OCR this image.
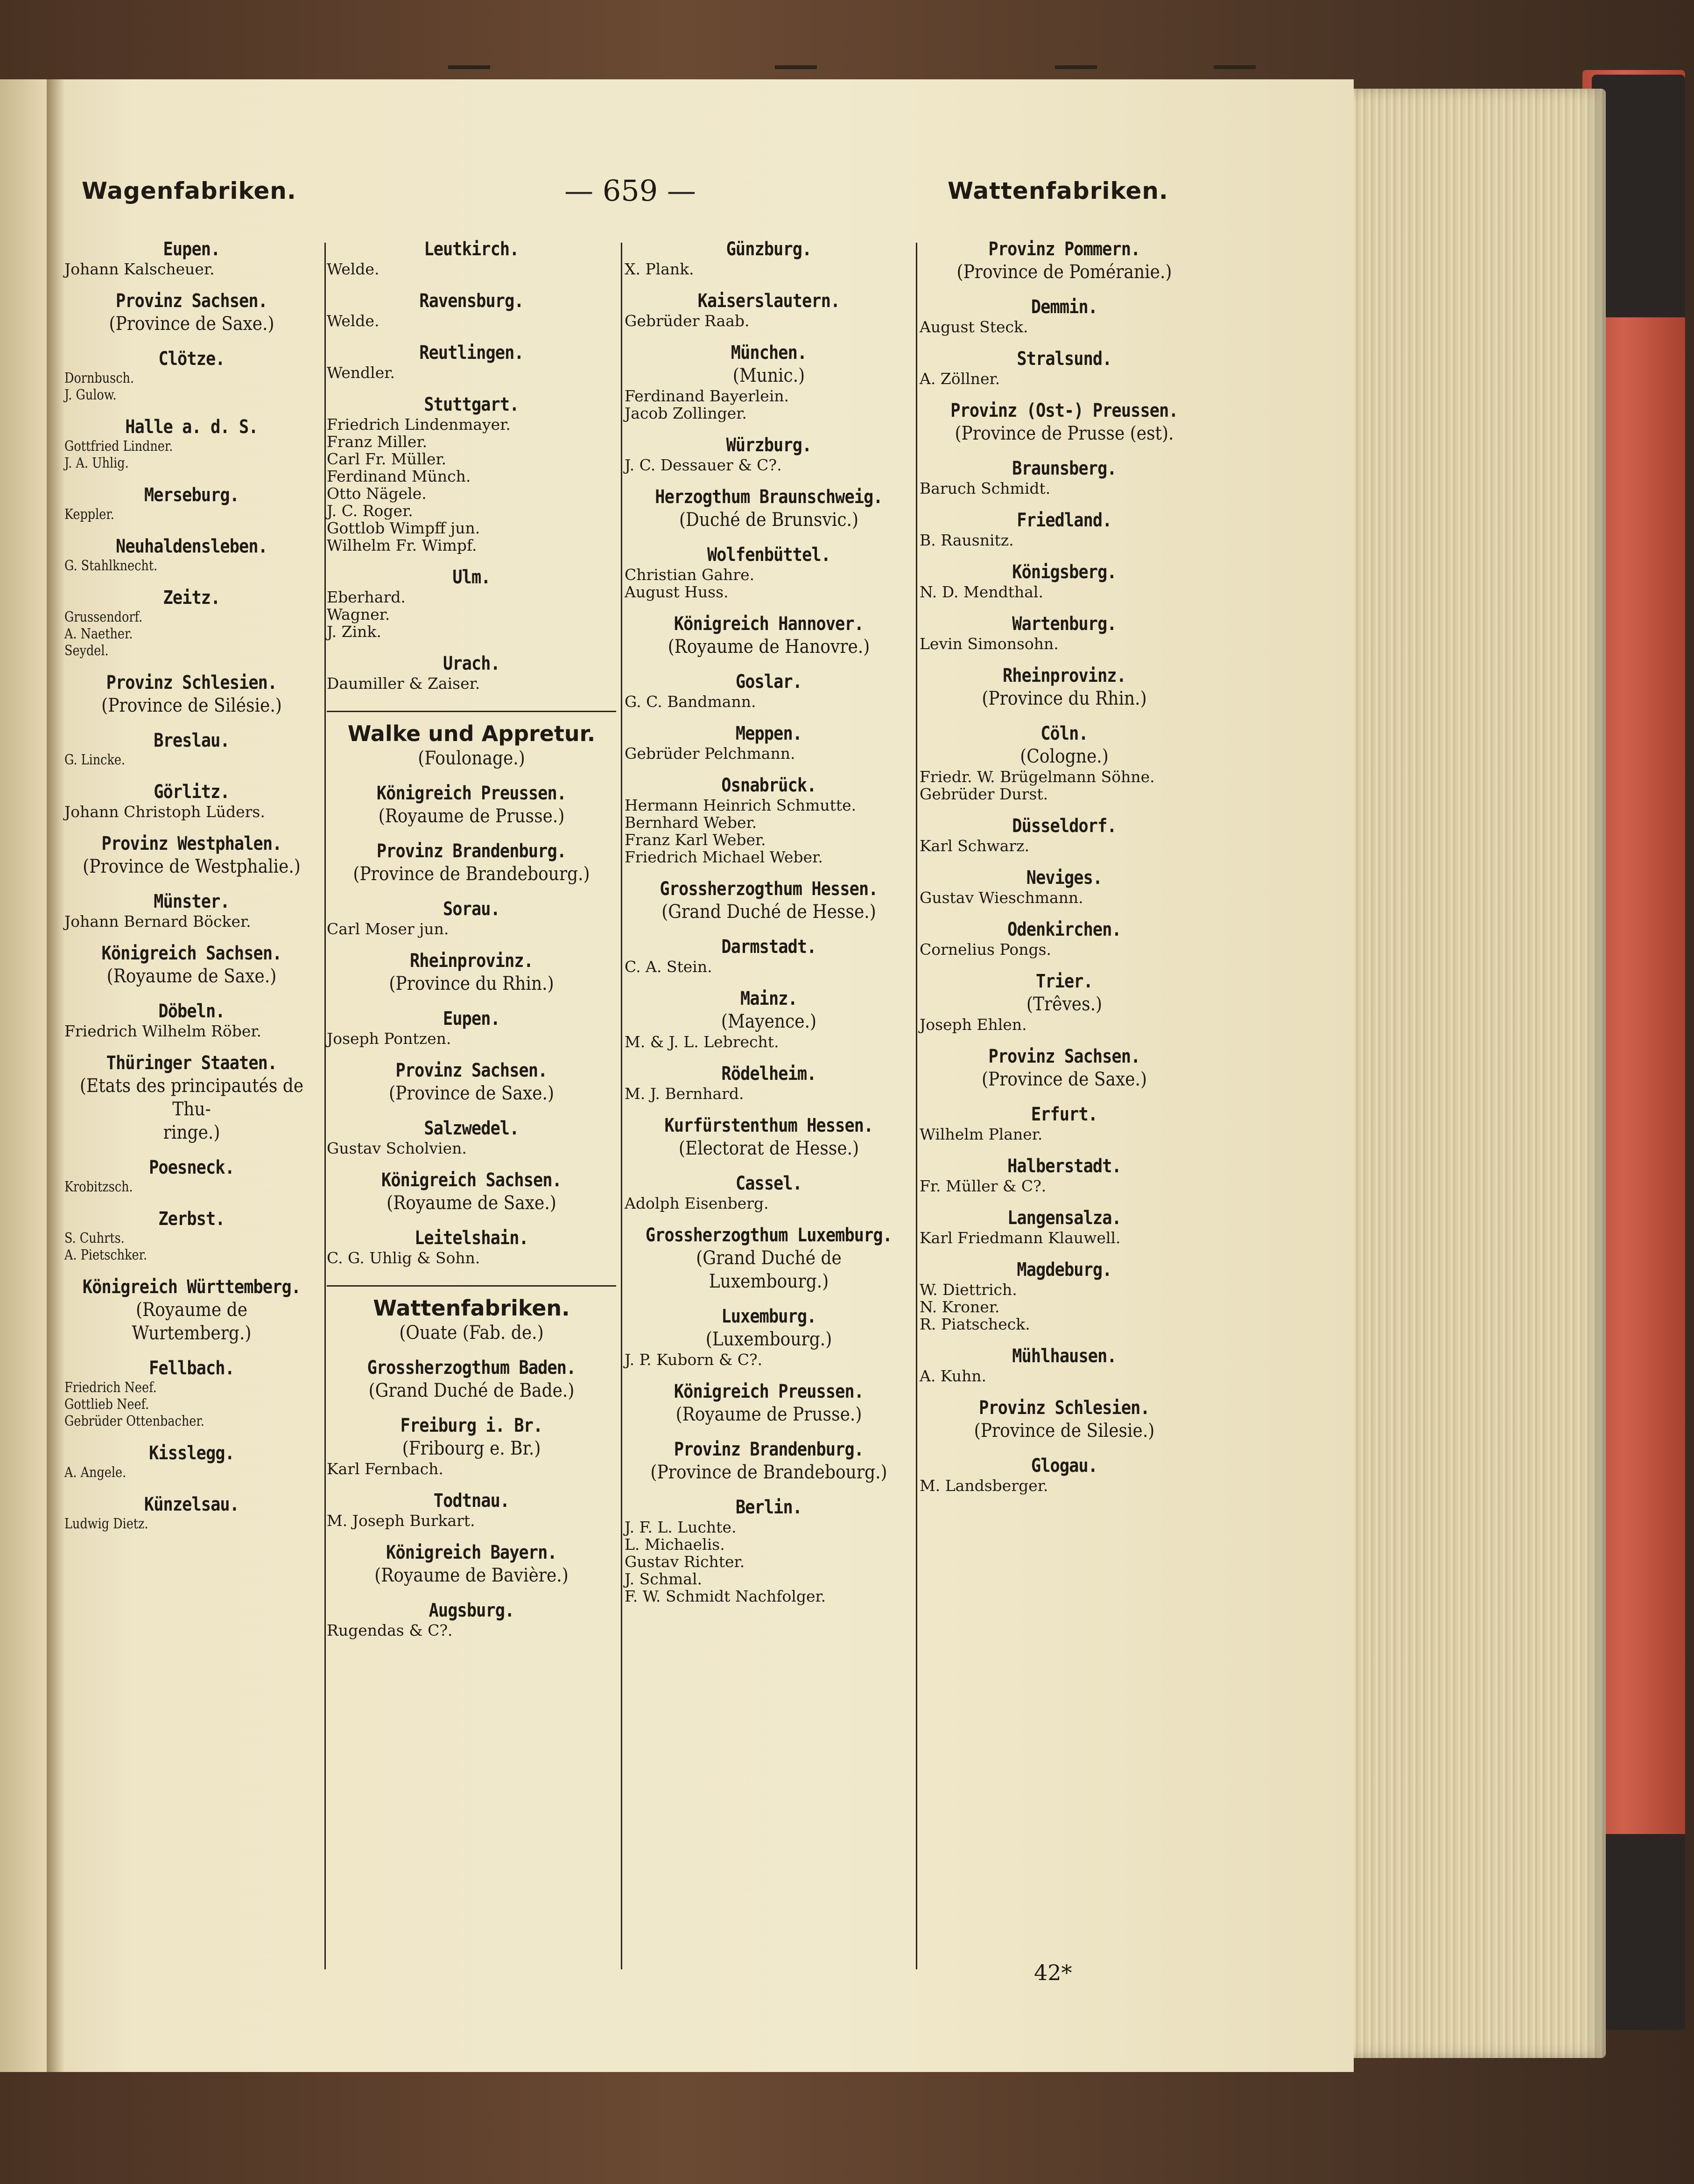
Wagenfabriken.	— 659 —	Wattenfabriken.
Eupen.
Johann Kalscheuer.
Provinz Sachsen.
(Province de Saxe.)
Clötze.
Dornbusch.
J. Gulow.
Halle a. d. S.
Gottfried Lindner.
J. A. Uhlig.
Merseburg.
Keppler.
Neuhaldensleben.
G. Stahlknecht.
Zeitz.
Grussendorf.
A. Naether.
Seydel.
Provinz Schlesien.
(Province de Silésie.)
Breslau.
G. Lincke.
Görlitz.
Johann Christoph Lüders.
Provinz Westphalen.
(Province de Westphalie.)
Münster.
Johann Bernard Böcker.
Königreich Sachsen.
(Royaume de Saxe.)
Döbeln.
Friedrich Wilhelm Röber.
Thüringer Staaten.
(Etats des principautés de Thu-
ringe.)
Poesneck.
Krobitzsch.
Zerbst.
S. Cuhrts.
A. Pietschker.
Königreich Württemberg.
(Royaume de Wurtemberg.)
Fellbach.
Friedrich Neef.
Gottlieb Neef.
Gebrüder Ottenbacher.
Kisslegg.
A. Angele.
Künzelsau.
Ludwig Dietz.
Leutkirch.
Welde.
Ravensburg.
Welde.
Reutlingen.
Wendler.
Stuttgart.
Friedrich Lindenmayer.
Franz Miller.
Carl Fr. Müller.
Ferdinand Münch.
Otto Nägele.
J. C. Roger.
Gottlob Wimpff jun.
Wilhelm Fr. Wimpf.
Ulm.
Eberhard.
Wagner.
J. Zink.
Urach.
Daumiller & Zaiser.
Walke und Appretur.
(Foulonage.)
Königreich Preussen.
(Royaume de Prusse.)
Provinz Brandenburg.
(Province de Brandebourg.)
Sorau.
Carl Moser jun.
Rheinprovinz.
(Province du Rhin.)
Eupen.
Joseph Pontzen.
Provinz Sachsen.
(Province de Saxe.)
Salzwedel.
Gustav Scholvien.
Königreich Sachsen.
(Royaume de Saxe.)
Leitelshain.
C. G. Uhlig & Sohn.
Wattenfabriken.
(Ouate (Fab. de.)
Grossherzogthum Baden.
(Grand Duché de Bade.)
Freiburg i. Br.
(Fribourg e. Br.)
Karl Fernbach.
Todtnau.
M. Joseph Burkart.
Königreich Bayern.
(Royaume de Bavière.)
Augsburg.
Rugendas & C?.
Günzburg.
X. Plank.
Kaiserslautern.
Gebrüder Raab.
München.
(Munic.)
Ferdinand Bayerlein.
Jacob Zollinger.
Würzburg.
J. C. Dessauer & C?.
Herzogthum Braunschweig.
(Duché de Brunsvic.)
Wolfenbüttel.
Christian Gahre.
August Huss.
Königreich Hannover.
(Royaume de Hanovre.)
Goslar.
G. C. Bandmann.
Meppen.
Gebrüder Pelchmann.
Osnabrück.
Hermann Heinrich Schmutte.
Bernhard Weber.
Franz Karl Weber.
Friedrich Michael Weber.
Grossherzogthum Hessen.
(Grand Duché de Hesse.)
Darmstadt.
C. A. Stein.
Mainz.
(Mayence.)
M. & J. L. Lebrecht.
Rödelheim.
M. J. Bernhard.
Kurfürstenthum Hessen.
(Electorat de Hesse.)
Cassel.
Adolph Eisenberg.
Grossherzogthum Luxemburg.
(Grand Duché de Luxembourg.)
Luxemburg.
(Luxembourg.)
J. P. Kuborn & C?.
Königreich Preussen.
(Royaume de Prusse.)
Provinz Brandenburg.
(Province de Brandebourg.)
Berlin.
J. F. L. Luchte.
L. Michaelis.
Gustav Richter.
J. Schmal.
F. W. Schmidt Nachfolger.
Provinz Pommern.
(Province de Poméranie.)
Demmin.
August Steck.
Stralsund.
A. Zöllner.
Provinz (Ost-) Preussen.
(Province de Prusse (est).
Braunsberg.
Baruch Schmidt.
Friedland.
B. Rausnitz.
Königsberg.
N. D. Mendthal.
Wartenburg.
Levin Simonsohn.
Rheinprovinz.
(Province du Rhin.)
Cöln.
(Cologne.)
Friedr. W. Brügelmann Söhne.
Gebrüder Durst.
Düsseldorf.
Karl Schwarz.
Neviges.
Gustav Wieschmann.
Odenkirchen.
Cornelius Pongs.
Trier.
(Trêves.)
Joseph Ehlen.
Provinz Sachsen.
(Province de Saxe.)
Erfurt.
Wilhelm Planer.
Halberstadt.
Fr. Müller & C?.
Langensalza.
Karl Friedmann Klauwell.
Magdeburg.
W. Diettrich.
N. Kroner.
R. Piatscheck.
Mühlhausen.
A. Kuhn.
Provinz Schlesien.
(Province de Silesie.)
Glogau.
M. Landsberger.
42*
